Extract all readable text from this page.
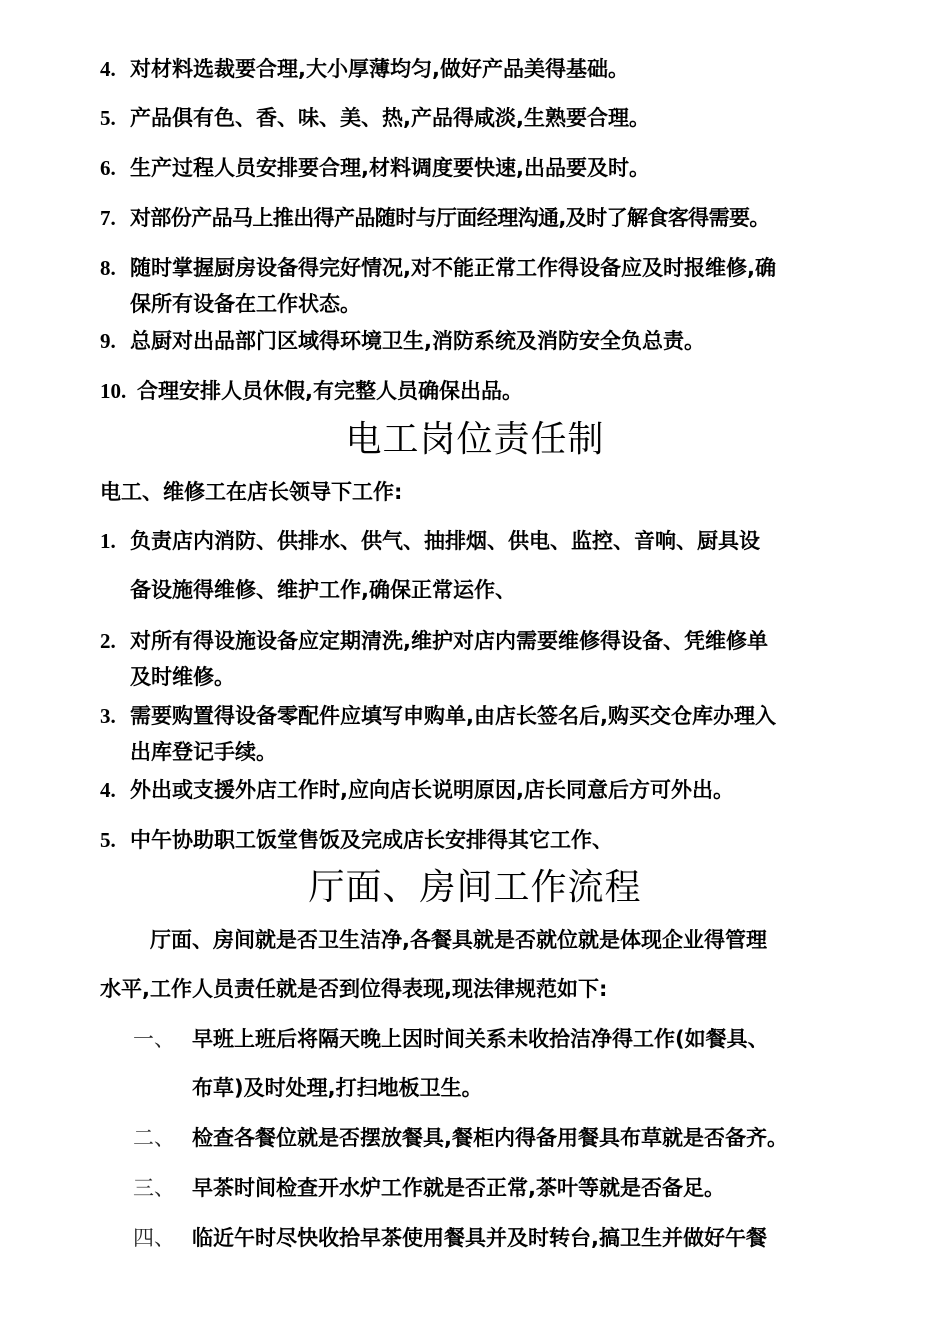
4. 对材料选裁要合理,大小厚薄均匀,做好产品美得基础。
5. 产品俱有色、香、味、美、热,产品得咸淡,生熟要合理。
6. 生产过程人员安排要合理,材料调度要快速,出品要及时。
7. 对部份产品马上推出得产品随时与厅面经理沟通,及时了解食客得需要。
8. 随时掌握厨房设备得完好情况,对不能正常工作得设备应及时报维修,确
保所有设备在工作状态。
9. 总厨对出品部门区域得环境卫生,消防系统及消防安全负总责。
10. 合理安排人员休假,有完整人员确保出品。
电工岗位责任制
电工、维修工在店长领导下工作:
1. 负责店内消防、供排水、供气、抽排烟、供电、监控、音响、厨具设
备设施得维修、维护工作,确保正常运作、
2. 对所有得设施设备应定期清洗,维护对店内需要维修得设备、凭维修单
及时维修。
3. 需要购置得设备零配件应填写申购单,由店长签名后,购买交仓库办理入
出库登记手续。
4. 外出或支援外店工作时,应向店长说明原因,店长同意后方可外出。
5. 中午协助职工饭堂售饭及完成店长安排得其它工作、
厅面、房间工作流程
厅面、房间就是否卫生洁净,各餐具就是否就位就是体现企业得管理
水平,工作人员责任就是否到位得表现,现法律规范如下:
一、 早班上班后将隔天晚上因时间关系未收拾洁净得工作(如餐具、
布草)及时处理,打扫地板卫生。
二、 检查各餐位就是否摆放餐具,餐柜内得备用餐具布草就是否备齐。
三、 早茶时间检查开水炉工作就是否正常,茶叶等就是否备足。
四、 临近午时尽快收拾早茶使用餐具并及时转台,搞卫生并做好午餐
